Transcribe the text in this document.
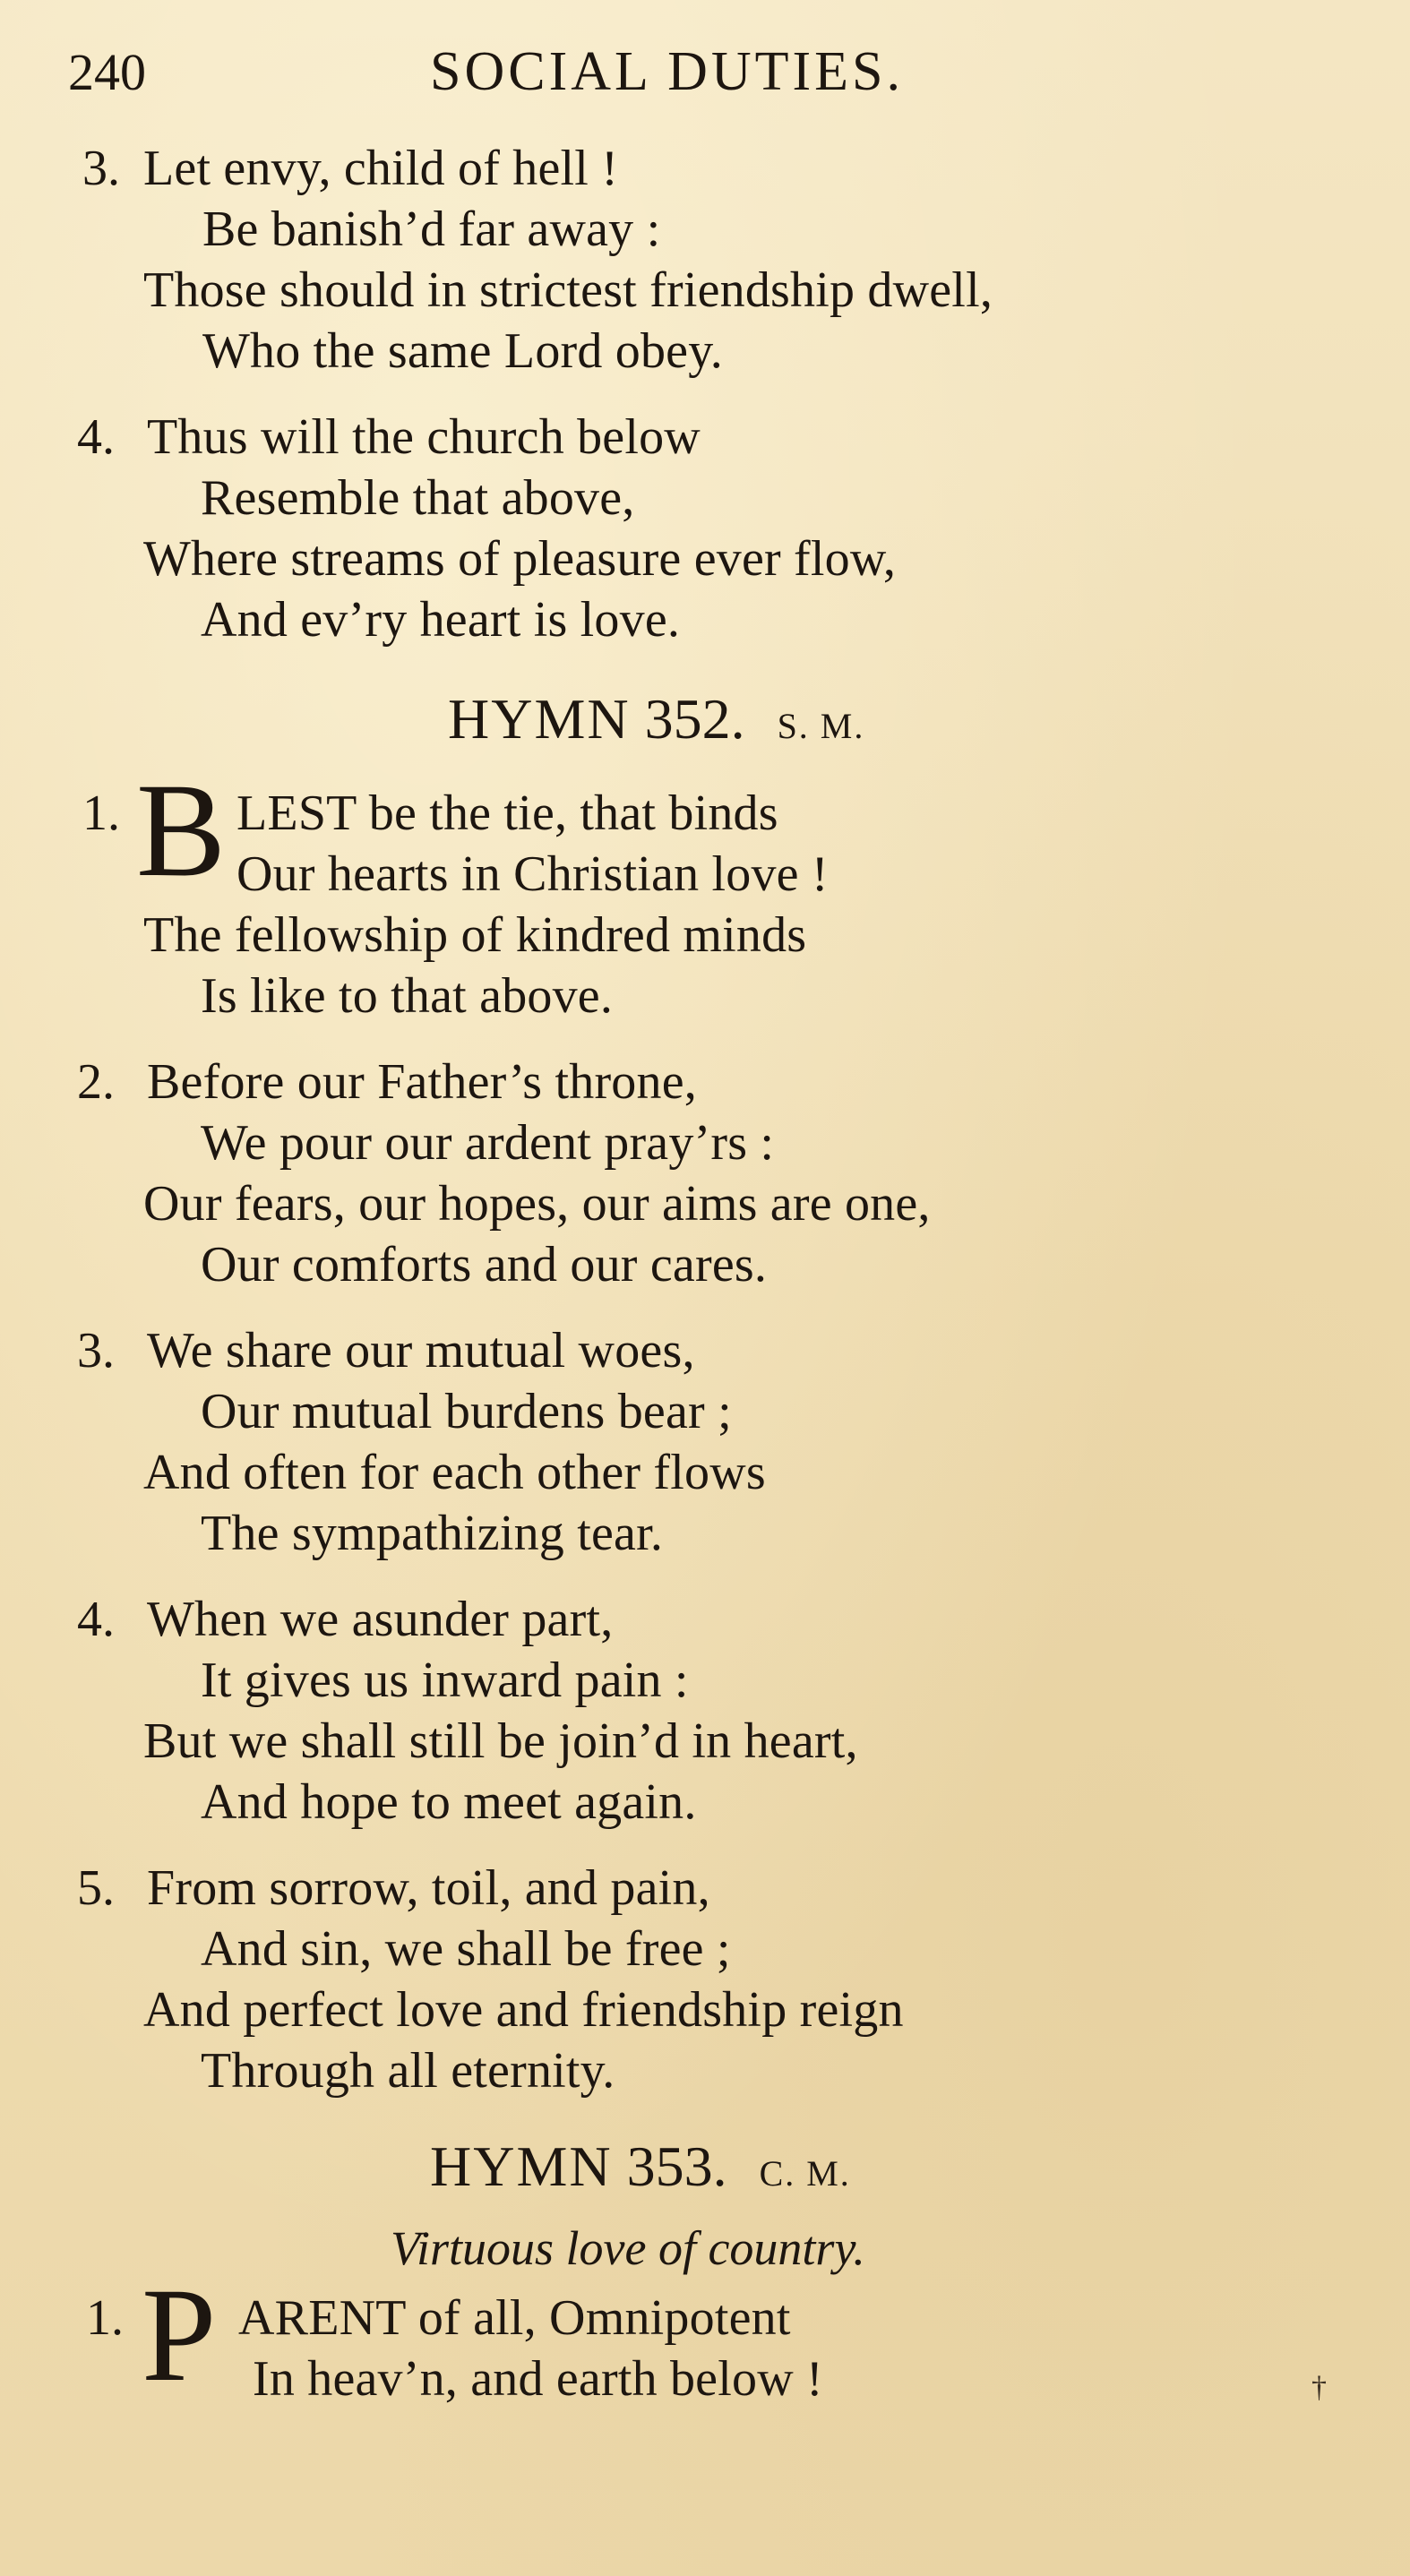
240	SOCIAL DUTIES.
3. Let envy, child of hell !
Be banish’d far away :
Those should in strictest friendship dwell,
Who the same Lord obey.
4. Thus will the church below
Resemble that above,
Where streams of pleasure ever flow,
And ev’ry heart is love.
HYMN 352. S. M.
1. B LEST be the tie, that binds
Our hearts in Christian love !
The fellowship of kindred minds
Is like to that above.
2. Before our Father’s throne,
We pour our ardent pray’rs :
Our fears, our hopes, our aims are one,
Our comforts and our cares.
3. We share our mutual woes,
Our mutual burdens bear ;
And often for each other flows
The sympathizing tear.
4. When we asunder part,
It gives us inward pain :
But we shall still be join’d in heart,
And hope to meet again.
5. From sorrow, toil, and pain,
And sin, we shall be free ;
And perfect love and friendship reign
Through all eternity.
HYMN 353. C. M.
Virtuous love of country.
1. P ARENT of all, Omnipotent
In heav’n, and earth below !	†
